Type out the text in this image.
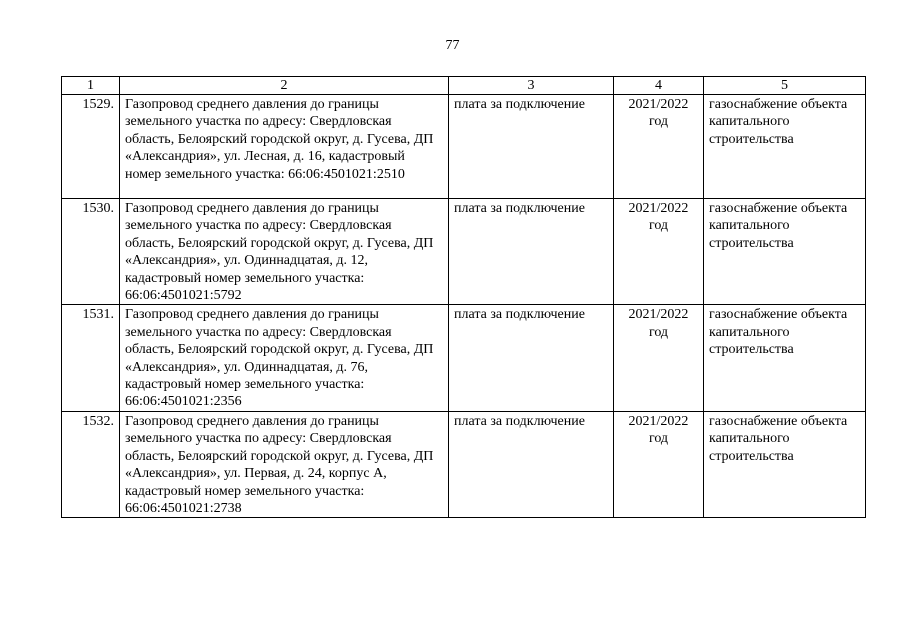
77
1	2	3	4	5
1529.	Газопровод среднего давления до границы земельного участка по адресу: Свердловская область, Белоярский городской округ, д. Гусева, ДП «Александрия», ул. Лесная, д. 16, кадастровый номер земельного участка: 66:06:4501021:2510	плата за подключение	2021/2022 год	газоснабжение объекта капитального строительства
1530.	Газопровод среднего давления до границы земельного участка по адресу: Свердловская область, Белоярский городской округ, д. Гусева, ДП «Александрия», ул. Одиннадцатая, д. 12, кадастровый номер земельного участка: 66:06:4501021:5792	плата за подключение	2021/2022 год	газоснабжение объекта капитального строительства
1531.	Газопровод среднего давления до границы земельного участка по адресу: Свердловская область, Белоярский городской округ, д. Гусева, ДП «Александрия», ул. Одиннадцатая, д. 76, кадастровый номер земельного участка: 66:06:4501021:2356	плата за подключение	2021/2022 год	газоснабжение объекта капитального строительства
1532.	Газопровод среднего давления до границы земельного участка по адресу: Свердловская область, Белоярский городской округ, д. Гусева, ДП «Александрия», ул. Первая, д. 24, корпус А, кадастровый номер земельного участка: 66:06:4501021:2738	плата за подключение	2021/2022 год	газоснабжение объекта капитального строительства
